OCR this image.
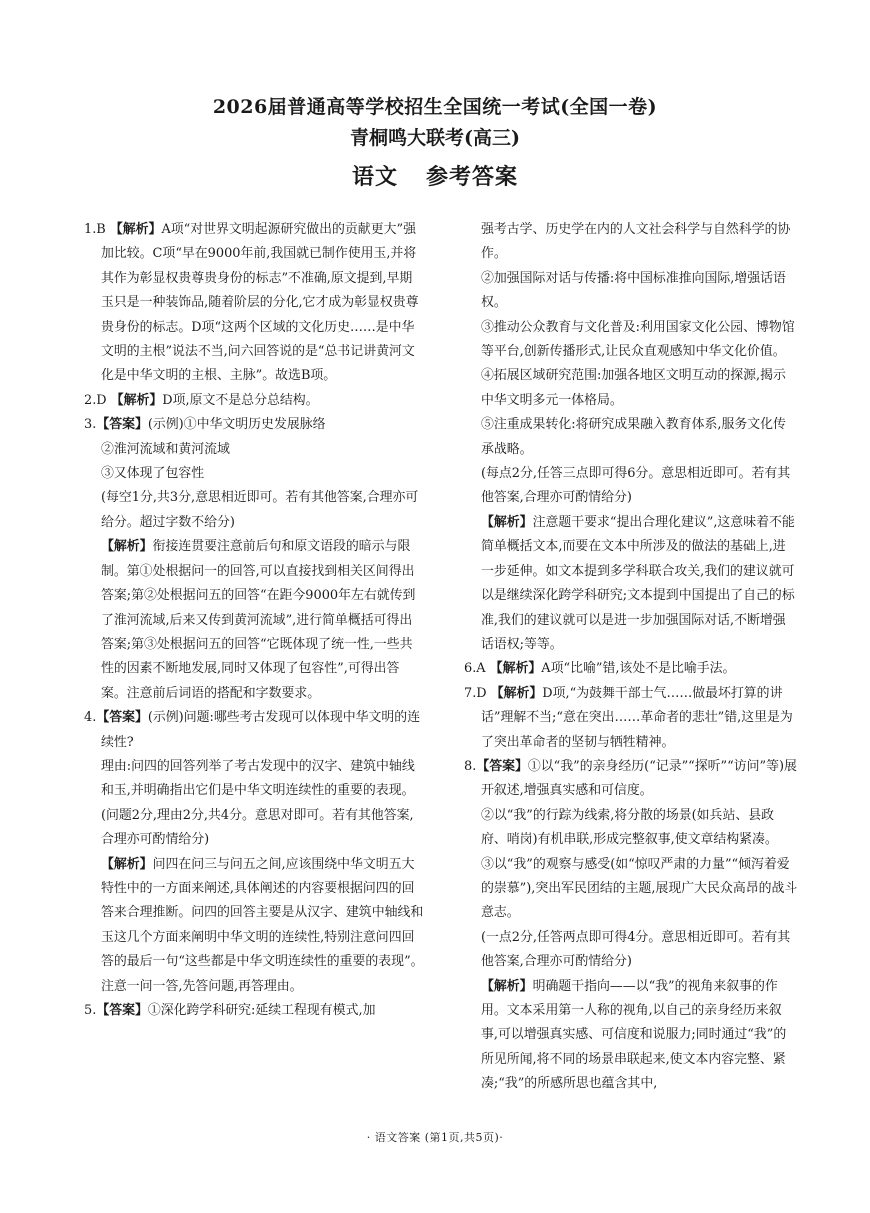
2026届普通高等学校招生全国统一考试(全国一卷)
青桐鸣大联考(高三)
语文 参考答案

1.B 【解析】A项“对世界文明起源研究做出的贡献更大”强加比较。C项“早在9000年前,我国就已制作使用玉,并将其作为彰显权贵尊贵身份的标志”不准确,原文提到,早期玉只是一种装饰品,随着阶层的分化,它才成为彰显权贵尊贵身份的标志。D项“这两个区域的文化历史……是中华文明的主根”说法不当,问六回答说的是“总书记讲黄河文化是中华文明的主根、主脉”。故选B项。

2.D 【解析】D项,原文不是总分总结构。

3.【答案】(示例)①中华文明历史发展脉络

②淮河流域和黄河流域

③又体现了包容性

(每空1分,共3分,意思相近即可。若有其他答案,合理亦可给分。超过字数不给分)

【解析】衔接连贯要注意前后句和原文语段的暗示与限制。第①处根据问一的回答,可以直接找到相关区间得出答案;第②处根据问五的回答“在距今9000年左右就传到了淮河流域,后来又传到黄河流域”,进行简单概括可得出答案;第③处根据问五的回答“它既体现了统一性,一些共性的因素不断地发展,同时又体现了包容性”,可得出答案。注意前后词语的搭配和字数要求。

4.【答案】(示例)问题:哪些考古发现可以体现中华文明的连续性?

理由:问四的回答列举了考古发现中的汉字、建筑中轴线和玉,并明确指出它们是中华文明连续性的重要的表现。

(问题2分,理由2分,共4分。意思对即可。若有其他答案,合理亦可酌情给分)

【解析】问四在问三与问五之间,应该围绕中华文明五大特性中的一方面来阐述,具体阐述的内容要根据问四的回答来合理推断。问四的回答主要是从汉字、建筑中轴线和玉这几个方面来阐明中华文明的连续性,特别注意问四回答的最后一句“这些都是中华文明连续性的重要的表现”。注意一问一答,先答问题,再答理由。

5.【答案】①深化跨学科研究:延续工程现有模式,加

强考古学、历史学在内的人文社会科学与自然科学的协作。

②加强国际对话与传播:将中国标准推向国际,增强话语权。

③推动公众教育与文化普及:利用国家文化公园、博物馆等平台,创新传播形式,让民众直观感知中华文化价值。

④拓展区域研究范围:加强各地区文明互动的探源,揭示中华文明多元一体格局。

⑤注重成果转化:将研究成果融入教育体系,服务文化传承战略。

(每点2分,任答三点即可得6分。意思相近即可。若有其他答案,合理亦可酌情给分)

【解析】注意题干要求“提出合理化建议”,这意味着不能简单概括文本,而要在文本中所涉及的做法的基础上,进一步延伸。如文本提到多学科联合攻关,我们的建议就可以是继续深化跨学科研究;文本提到中国提出了自己的标准,我们的建议就可以是进一步加强国际对话,不断增强话语权;等等。

6.A 【解析】A项“比喻”错,该处不是比喻手法。

7.D 【解析】D项,“为鼓舞干部士气……做最坏打算的讲话”理解不当;“意在突出……革命者的悲壮”错,这里是为了突出革命者的坚韧与牺牲精神。

8.【答案】①以“我”的亲身经历(“记录”“探听”“访问”等)展开叙述,增强真实感和可信度。

②以“我”的行踪为线索,将分散的场景(如兵站、县政府、哨岗)有机串联,形成完整叙事,使文章结构紧凑。

③以“我”的观察与感受(如“惊叹严肃的力量”“倾泻着爱的崇慕”),突出军民团结的主题,展现广大民众高昂的战斗意志。

(一点2分,任答两点即可得4分。意思相近即可。若有其他答案,合理亦可酌情给分)

【解析】明确题干指向——以“我”的视角来叙事的作用。文本采用第一人称的视角,以自己的亲身经历来叙事,可以增强真实感、可信度和说服力;同时通过“我”的所见所闻,将不同的场景串联起来,使文本内容完整、紧凑;“我”的所感所思也蕴含其中,

· 语文答案 (第1页,共5页)·
